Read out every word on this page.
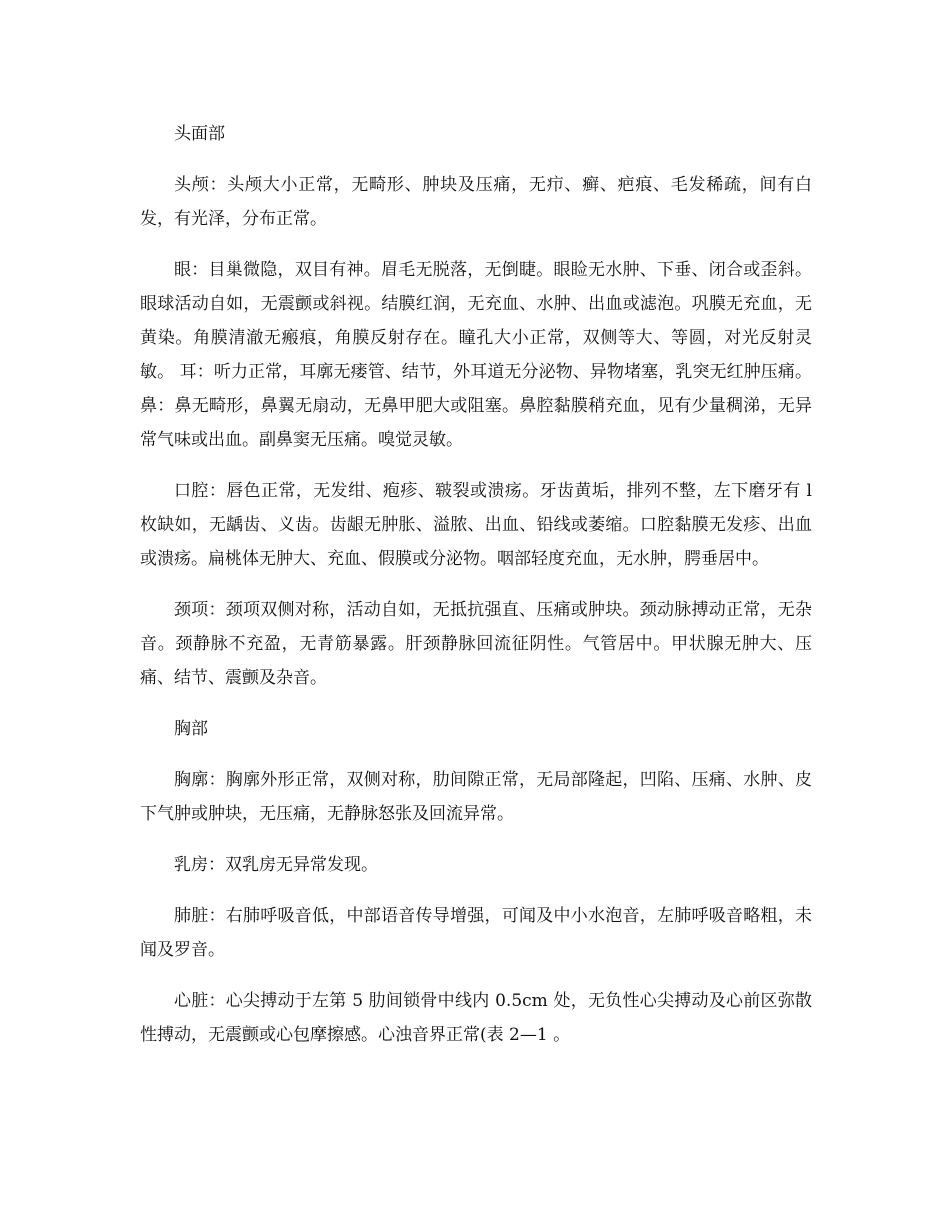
头面部

头颅：头颅大小正常，无畸形、肿块及压痛，无疖、癣、疤痕、毛发稀疏，间有白发，有光泽，分布正常。

眼：目巢微隐，双目有神。眉毛无脱落，无倒睫。眼睑无水肿、下垂、闭合或歪斜。眼球活动自如，无震颤或斜视。结膜红润，无充血、水肿、出血或滤泡。巩膜无充血，无黄染。角膜清澈无瘢痕，角膜反射存在。瞳孔大小正常，双侧等大、等圆，对光反射灵敏。 耳：听力正常，耳廓无瘘管、结节，外耳道无分泌物、异物堵塞，乳突无红肿压痛。 鼻：鼻无畸形，鼻翼无扇动，无鼻甲肥大或阻塞。鼻腔黏膜稍充血，见有少量稠涕，无异常气味或出血。副鼻窦无压痛。嗅觉灵敏。

口腔：唇色正常，无发绀、疱疹、皲裂或溃疡。牙齿黄垢，排列不整，左下磨牙有 l 枚缺如，无龋齿、义齿。齿龈无肿胀、溢脓、出血、铅线或萎缩。口腔黏膜无发疹、出血或溃疡。扁桃体无肿大、充血、假膜或分泌物。咽部轻度充血，无水肿，腭垂居中。

颈项：颈项双侧对称，活动自如，无抵抗强直、压痛或肿块。颈动脉搏动正常，无杂音。颈静脉不充盈，无青筋暴露。肝颈静脉回流征阴性。气管居中。甲状腺无肿大、压痛、结节、震颤及杂音。

胸部

胸廓：胸廓外形正常，双侧对称，肋间隙正常，无局部隆起，凹陷、压痛、水肿、皮下气肿或肿块，无压痛，无静脉怒张及回流异常。

乳房：双乳房无异常发现。

肺脏：右肺呼吸音低，中部语音传导增强，可闻及中小水泡音，左肺呼吸音略粗，未闻及罗音。

心脏：心尖搏动于左第 5 肋间锁骨中线内 0.5cm 处，无负性心尖搏动及心前区弥散性搏动，无震颤或心包摩擦感。心浊音界正常(表 2—1 。
